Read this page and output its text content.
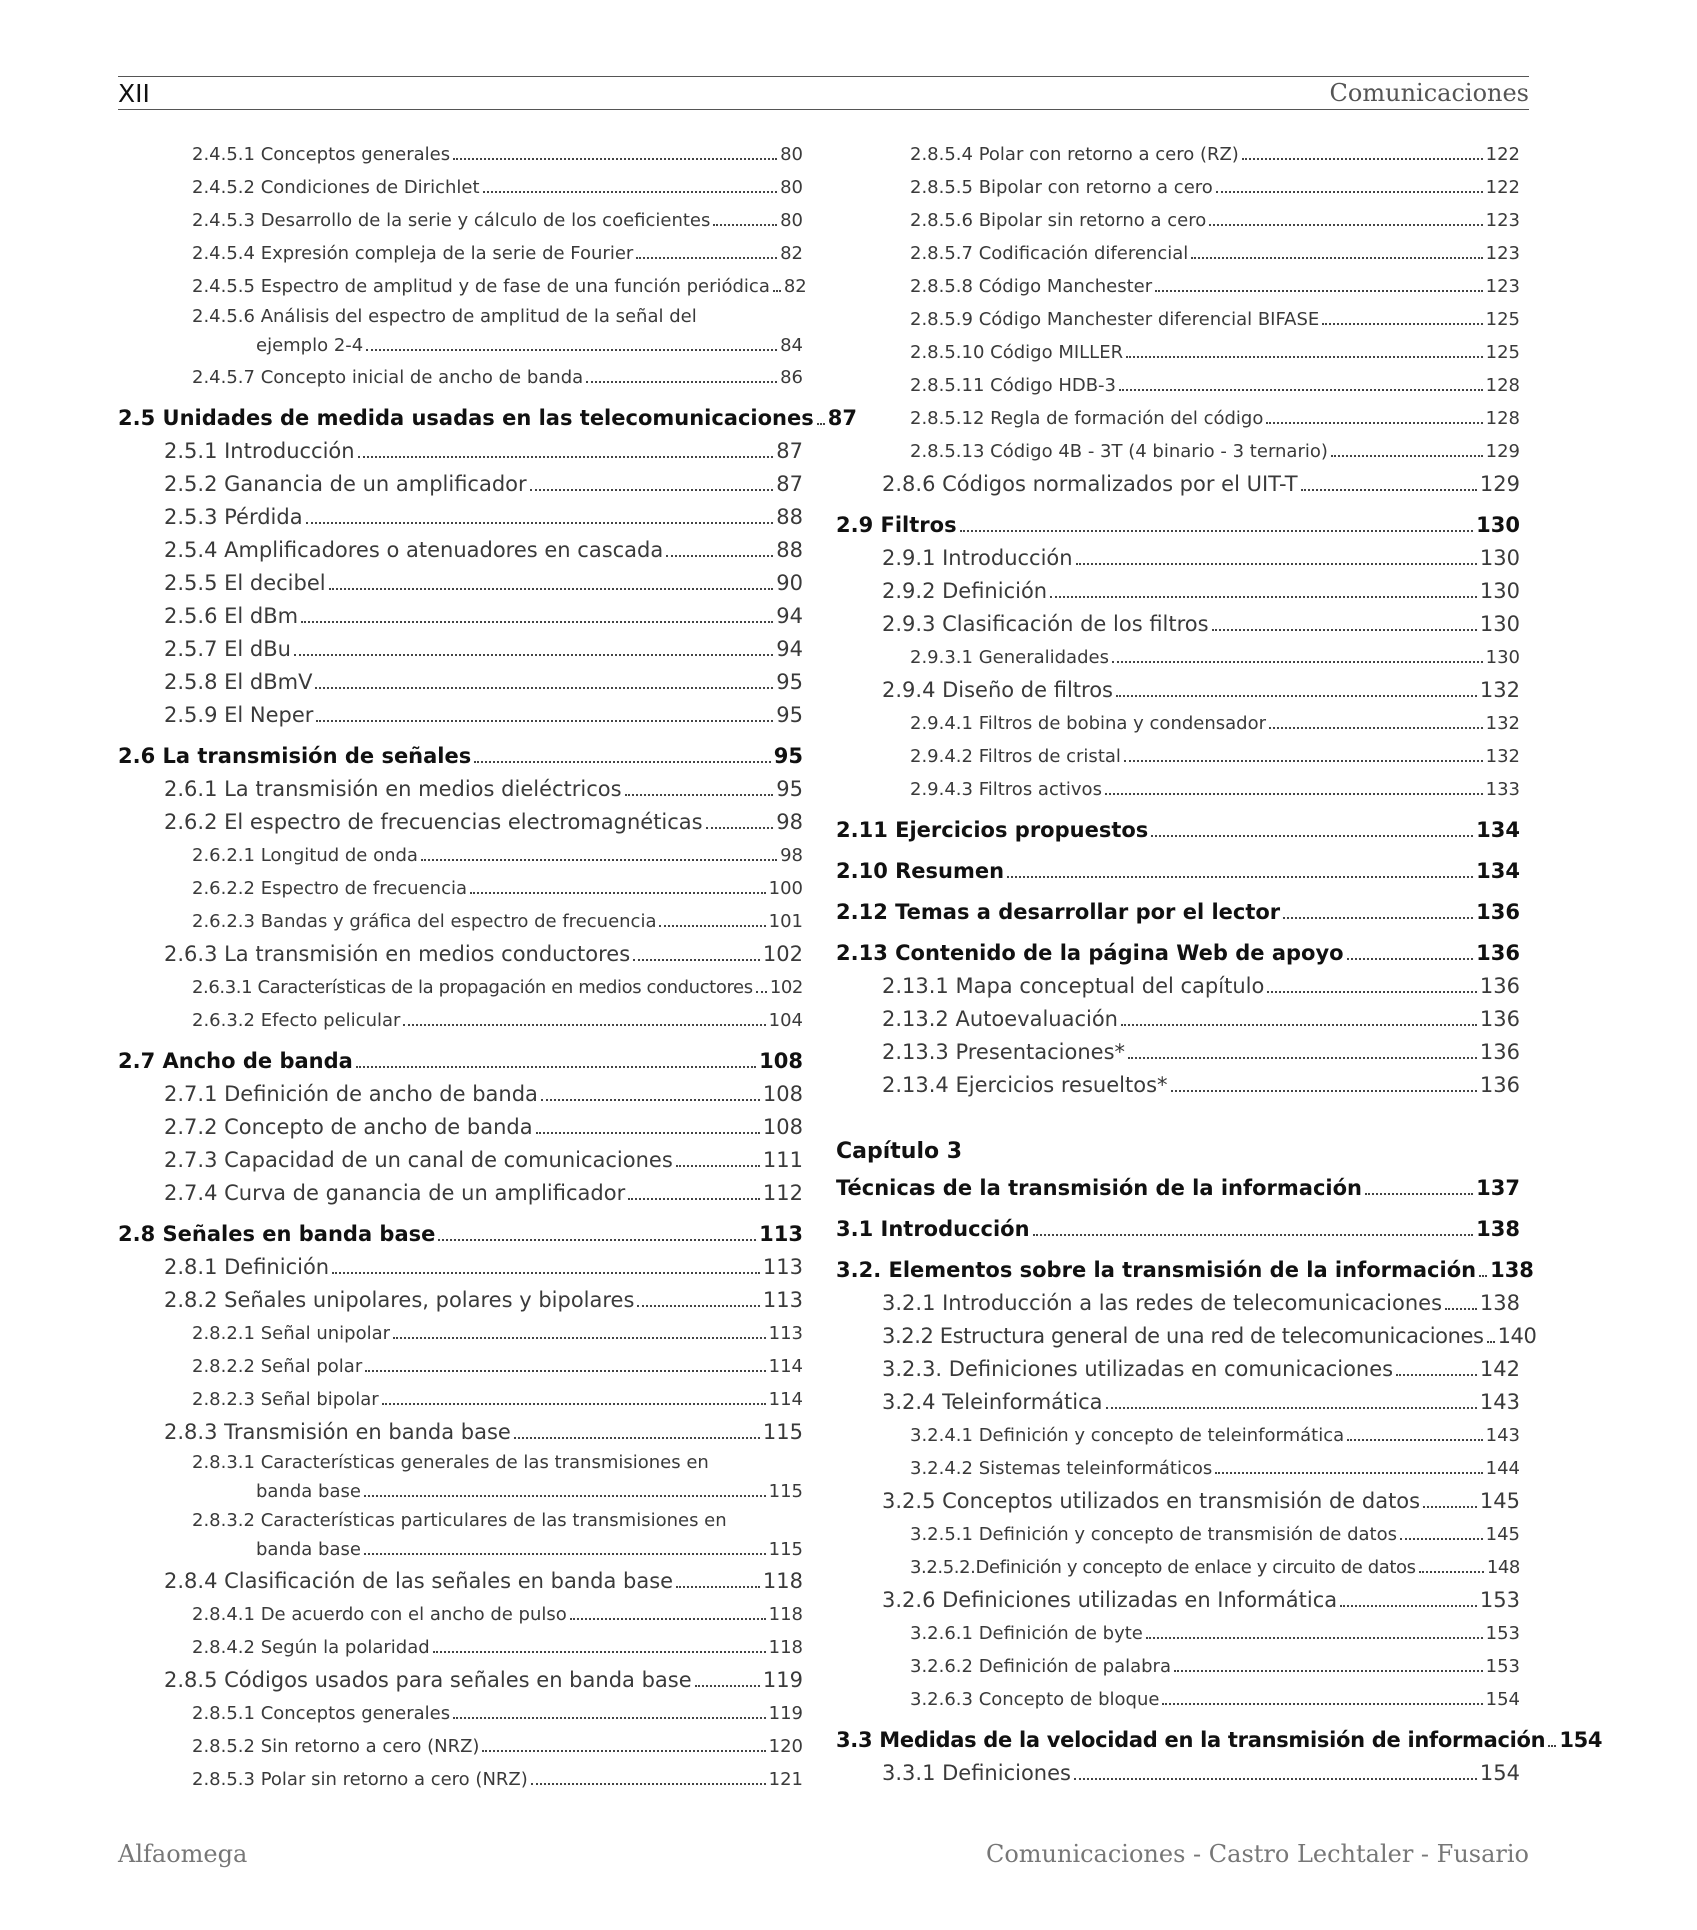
XII	Comunicaciones
2.4.5.1 Conceptos generales	80
2.4.5.2 Condiciones de Dirichlet	80
2.4.5.3 Desarrollo de la serie y cálculo de los coeficientes	80
2.4.5.4 Expresión compleja de la serie de Fourier	82
2.4.5.5 Espectro de amplitud y de fase de una función periódica 82
2.4.5.6 Análisis del espectro de amplitud de la señal del
ejemplo 2-4	84
2.4.5.7 Concepto inicial de ancho de banda	86
2.5 Unidades de medida usadas en las telecomunicaciones 87
2.5.1 Introducción	87
2.5.2 Ganancia de un amplificador	87
2.5.3 Pérdida	88
2.5.4 Amplificadores o atenuadores en cascada	88
2.5.5 El decibel	90
2.5.6 El dBm	94
2.5.7 El dBu	94
2.5.8 El dBmV	95
2.5.9 El Neper	95
2.6 La transmisión de señales	95
2.6.1 La transmisión en medios dieléctricos	95
2.6.2 El espectro de frecuencias electromagnéticas	98
2.6.2.1 Longitud de onda	98
2.6.2.2 Espectro de frecuencia	100
2.6.2.3 Bandas y gráfica del espectro de frecuencia	101
2.6.3 La transmisión en medios conductores	102
2.6.3.1 Características de la propagación en medios conductores 102
2.6.3.2 Efecto pelicular	104
2.7 Ancho de banda	108
2.7.1 Definición de ancho de banda	108
2.7.2 Concepto de ancho de banda	108
2.7.3 Capacidad de un canal de comunicaciones	111
2.7.4 Curva de ganancia de un amplificador	112
2.8 Señales en banda base	113
2.8.1 Definición	113
2.8.2 Señales unipolares, polares y bipolares	113
2.8.2.1 Señal unipolar	113
2.8.2.2 Señal polar	114
2.8.2.3 Señal bipolar	114
2.8.3 Transmisión en banda base	115
2.8.3.1 Características generales de las transmisiones en
banda base	115
2.8.3.2 Características particulares de las transmisiones en
banda base	115
2.8.4 Clasificación de las señales en banda base	118
2.8.4.1 De acuerdo con el ancho de pulso	118
2.8.4.2 Según la polaridad	118
2.8.5 Códigos usados para señales en banda base	119
2.8.5.1 Conceptos generales	119
2.8.5.2 Sin retorno a cero (NRZ)	120
2.8.5.3 Polar sin retorno a cero (NRZ)	121
2.8.5.4 Polar con retorno a cero (RZ)	122
2.8.5.5 Bipolar con retorno a cero	122
2.8.5.6 Bipolar sin retorno a cero	123
2.8.5.7 Codificación diferencial	123
2.8.5.8 Código Manchester	123
2.8.5.9 Código Manchester diferencial BIFASE	125
2.8.5.10 Código MILLER	125
2.8.5.11 Código HDB-3	128
2.8.5.12 Regla de formación del código	128
2.8.5.13 Código 4B - 3T (4 binario - 3 ternario)	129
2.8.6 Códigos normalizados por el UIT-T	129
2.9 Filtros	130
2.9.1 Introducción	130
2.9.2 Definición	130
2.9.3 Clasificación de los filtros	130
2.9.3.1 Generalidades	130
2.9.4 Diseño de filtros	132
2.9.4.1 Filtros de bobina y condensador	132
2.9.4.2 Filtros de cristal	132
2.9.4.3 Filtros activos	133
2.11 Ejercicios propuestos	134
2.10 Resumen	134
2.12 Temas a desarrollar por el lector	136
2.13 Contenido de la página Web de apoyo	136
2.13.1 Mapa conceptual del capítulo	136
2.13.2 Autoevaluación	136
2.13.3 Presentaciones*	136
2.13.4 Ejercicios resueltos*	136
Capítulo 3
Técnicas de la transmisión de la información	137
3.1 Introducción	138
3.2. Elementos sobre la transmisión de la información 138
3.2.1 Introducción a las redes de telecomunicaciones 138
3.2.2 Estructura general de una red de telecomunicaciones 140
3.2.3. Definiciones utilizadas en comunicaciones	142
3.2.4 Teleinformática	143
3.2.4.1 Definición y concepto de teleinformática	143
3.2.4.2 Sistemas teleinformáticos	144
3.2.5 Conceptos utilizados en transmisión de datos	145
3.2.5.1 Definición y concepto de transmisión de datos	145
3.2.5.2.Definición y concepto de enlace y circuito de datos	148
3.2.6 Definiciones utilizadas en Informática	153
3.2.6.1 Definición de byte	153
3.2.6.2 Definición de palabra	153
3.2.6.3 Concepto de bloque	154
3.3 Medidas de la velocidad en la transmisión de información 154
3.3.1 Definiciones	154
Alfaomega	Comunicaciones - Castro Lechtaler - Fusario
